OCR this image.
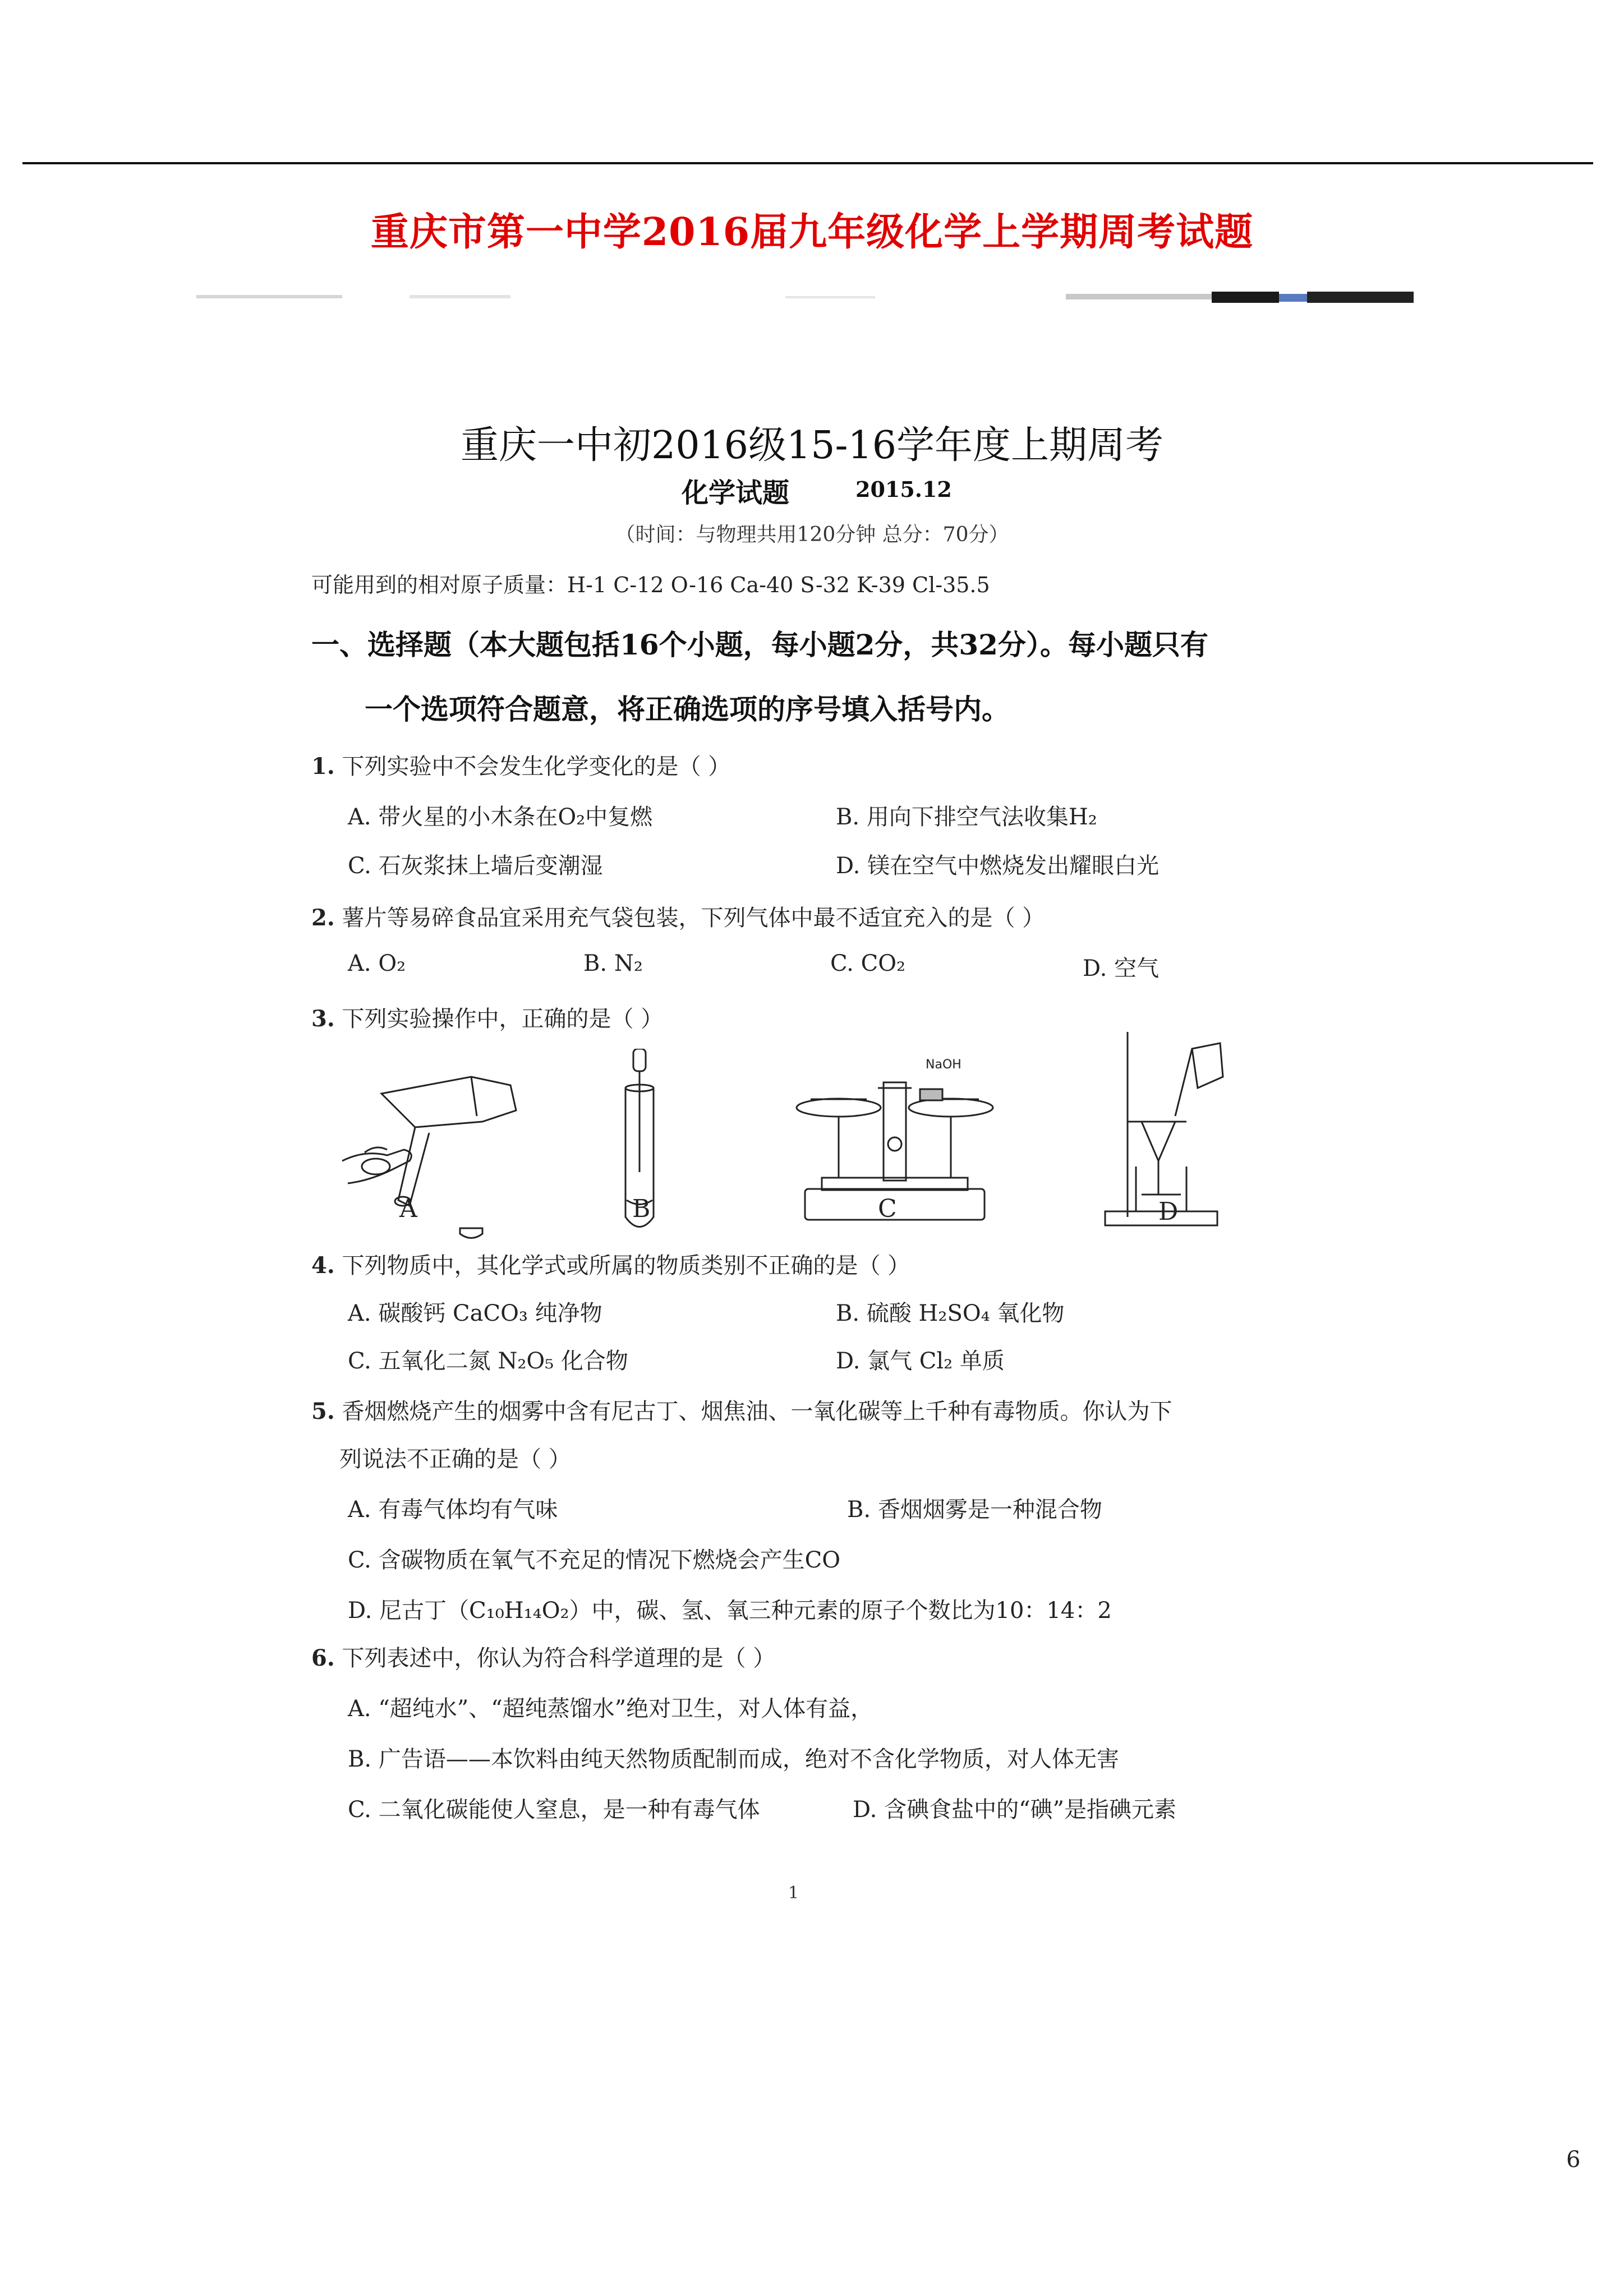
重庆市第一中学2016届九年级化学上学期周考试题
重庆一中初2016级15-16学年度上期周考
化学试题	2015.12
（时间：与物理共用120分钟 总分：70分）
可能用到的相对原子质量：H-1 C-12 O-16 Ca-40 S-32 K-39 Cl-35.5
一、选择题（本大题包括16个小题，每小题2分，共32分）。每小题只有
一个选项符合题意，将正确选项的序号填入括号内。
1. 下列实验中不会发生化学变化的是（ ）
A. 带火星的小木条在O₂中复燃	B. 用向下排空气法收集H₂
C. 石灰浆抹上墙后变潮湿	D. 镁在空气中燃烧发出耀眼白光
2. 薯片等易碎食品宜采用充气袋包装，下列气体中最不适宜充入的是（ ）
A. O₂	B. N₂	C. CO₂	D. 空气
3. 下列实验操作中，正确的是（ ）
NaOH
A	B	C	D
4. 下列物质中，其化学式或所属的物质类别不正确的是（ ）
A. 碳酸钙 CaCO₃ 纯净物	B. 硫酸 H₂SO₄ 氧化物
C. 五氧化二氮 N₂O₅ 化合物	D. 氯气 Cl₂ 单质
5. 香烟燃烧产生的烟雾中含有尼古丁、烟焦油、一氧化碳等上千种有毒物质。你认为下
列说法不正确的是（ ）
A. 有毒气体均有气味	B. 香烟烟雾是一种混合物
C. 含碳物质在氧气不充足的情况下燃烧会产生CO
D. 尼古丁（C₁₀H₁₄O₂）中，碳、氢、氧三种元素的原子个数比为10：14：2
6. 下列表述中，你认为符合科学道理的是（ ）
A. “超纯水”、“超纯蒸馏水”绝对卫生，对人体有益，
B. 广告语——本饮料由纯天然物质配制而成，绝对不含化学物质，对人体无害
C. 二氧化碳能使人窒息，是一种有毒气体	D. 含碘食盐中的“碘”是指碘元素
1
6
